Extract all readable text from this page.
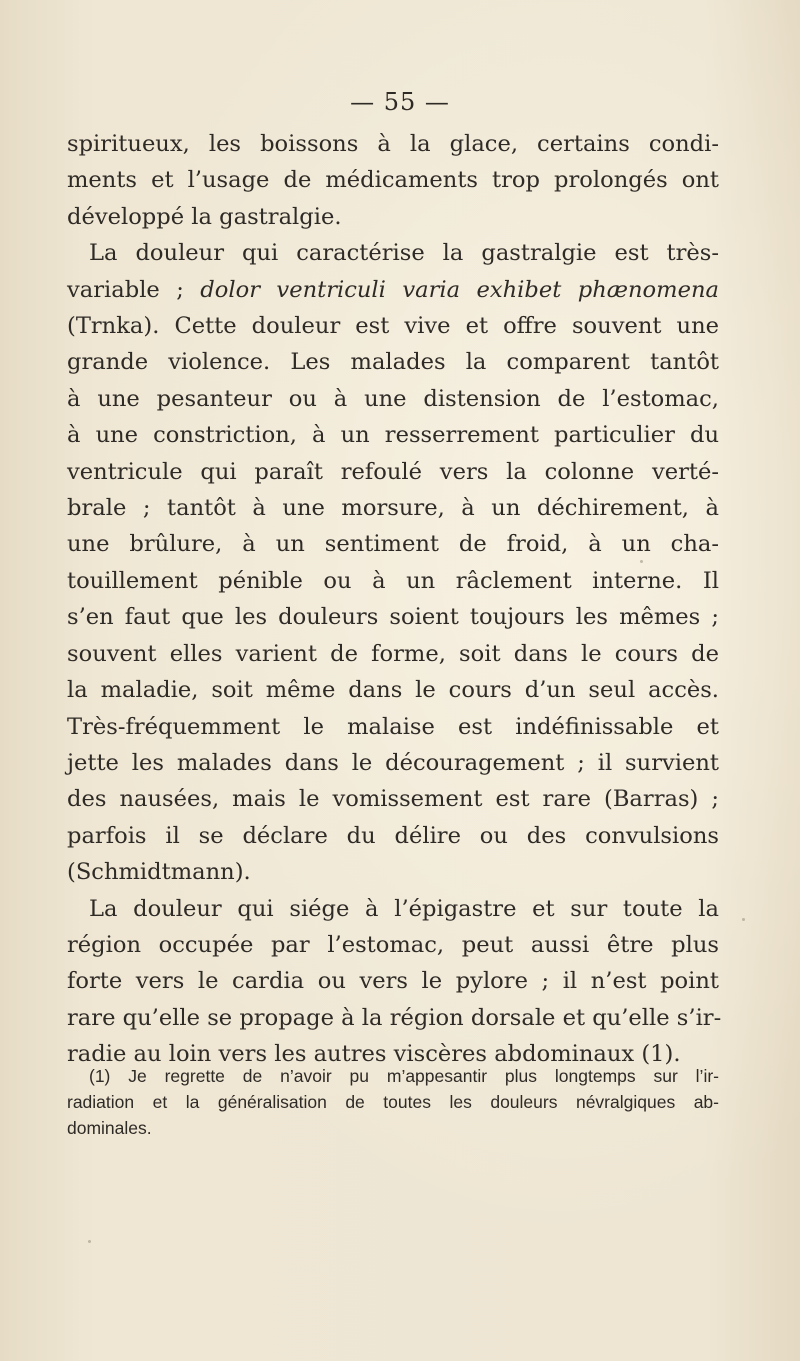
— 55 —
spiritueux, les boissons à la glace, certains condi-
ments et l’usage de médicaments trop prolongés ont
développé la gastralgie.
La douleur qui caractérise la gastralgie est très-
variable ; dolor ventriculi varia exhibet phænomena
(Trnka). Cette douleur est vive et offre souvent une
grande violence. Les malades la comparent tantôt
à une pesanteur ou à une distension de l’estomac,
à une constriction, à un resserrement particulier du
ventricule qui paraît refoulé vers la colonne verté-
brale ; tantôt à une morsure, à un déchirement, à
une brûlure, à un sentiment de froid, à un cha-
touillement pénible ou à un râclement interne. Il
s’en faut que les douleurs soient toujours les mêmes ;
souvent elles varient de forme, soit dans le cours de
la maladie, soit même dans le cours d’un seul accès.
Très-fréquemment le malaise est indéfinissable et
jette les malades dans le découragement ; il survient
des nausées, mais le vomissement est rare (Barras) ;
parfois il se déclare du délire ou des convulsions
(Schmidtmann).
La douleur qui siége à l’épigastre et sur toute la
région occupée par l’estomac, peut aussi être plus
forte vers le cardia ou vers le pylore ; il n’est point
rare qu’elle se propage à la région dorsale et qu’elle s’ir-
radie au loin vers les autres viscères abdominaux (1).
(1) Je regrette de n’avoir pu m’appesantir plus longtemps sur l’ir-
radiation et la généralisation de toutes les douleurs névralgiques ab-
dominales.
